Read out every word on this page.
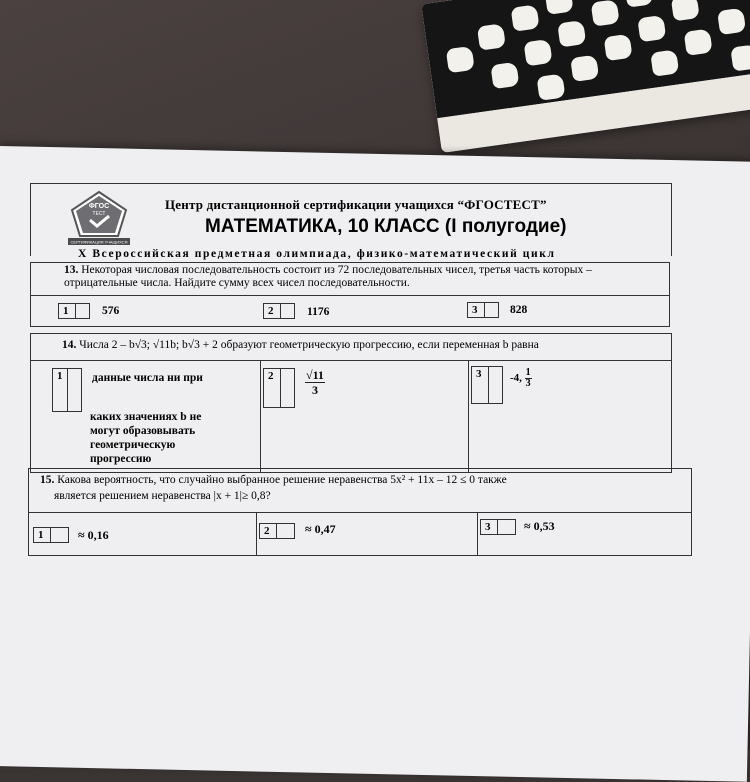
ФГОС
ТЕСТ
СЕРТИФИКАЦИЯ УЧАЩИХСЯ
Центр дистанционной сертификации учащихся “ФГОСТЕСТ”
МАТЕМАТИКА, 10 КЛАСС (I полугодие)
X Всероссийская предметная олимпиада, физико-математический цикл
13. Некоторая числовая последовательность состоит из 72 последовательных чисел, третья часть которых – отрицательные числа. Найдите сумму всех чисел последовательности.
1	576	2	1176	3	828
14. Числа 2 – b√3; √11b; b√3 + 2 образуют геометрическую прогрессию, если переменная b равна
1	данные числа ни при
каких значениях b не
могут образовывать
геометрическую
прогрессию
2	$\frac{√11}{3}$	3	-4, $\frac{1}{3}$
15. Какова вероятность, что случайно выбранное решение неравенства 5x² + 11x – 12 ≤ 0 также
является решением неравенства |x + 1|≥ 0,8?
1	≈ 0,16	2	≈ 0,47	3	≈ 0,53
